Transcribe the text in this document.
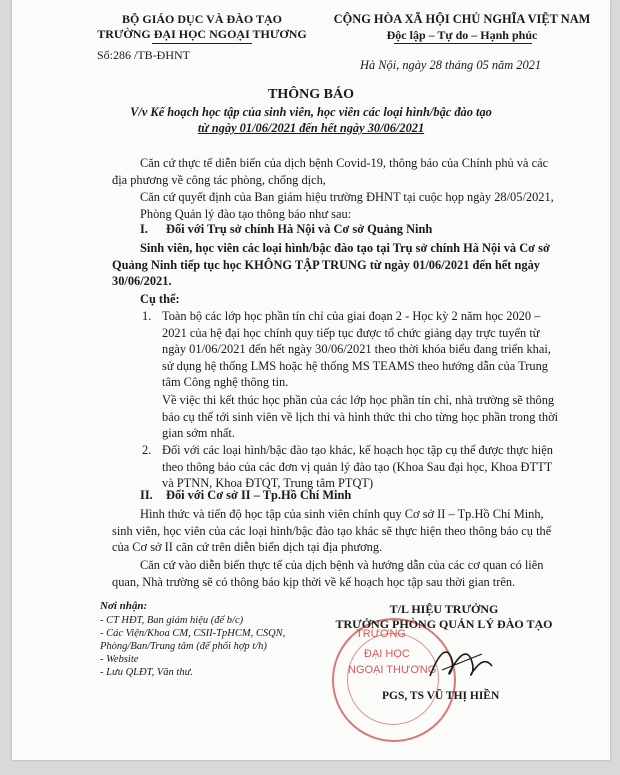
BỘ GIÁO DỤC VÀ ĐÀO TẠO
TRƯỜNG ĐẠI HỌC NGOẠI THƯƠNG
Số:286 /TB-ĐHNT
CỘNG HÒA XÃ HỘI CHỦ NGHĨA VIỆT NAM
Độc lập – Tự do – Hạnh phúc
Hà Nội, ngày 28 tháng 05 năm 2021
THÔNG BÁO
V/v Kế hoạch học tập của sinh viên, học viên các loại hình/bậc đào tạo
từ ngày 01/06/2021 đến hết ngày 30/06/2021
Căn cứ thực tế diễn biến của dịch bệnh Covid-19, thông báo của Chính phủ và các địa phương về công tác phòng, chống dịch,
Căn cứ quyết định của Ban giám hiệu trường ĐHNT tại cuộc họp ngày 28/05/2021,
Phòng Quản lý đào tạo thông báo như sau:
I. Đối với Trụ sở chính Hà Nội và Cơ sở Quảng Ninh
Sinh viên, học viên các loại hình/bậc đào tạo tại Trụ sở chính Hà Nội và Cơ sở Quảng Ninh tiếp tục học KHÔNG TẬP TRUNG từ ngày 01/06/2021 đến hết ngày 30/06/2021.
Cụ thể:
1. Toàn bộ các lớp học phần tín chỉ của giai đoạn 2 - Học kỳ 2 năm học 2020 – 2021 của hệ đại học chính quy tiếp tục được tổ chức giảng dạy trực tuyến từ ngày 01/06/2021 đến hết ngày 30/06/2021 theo thời khóa biểu đang triển khai, sử dụng hệ thống LMS hoặc hệ thống MS TEAMS theo hướng dẫn của Trung tâm Công nghệ thông tin.
Về việc thi kết thúc học phần của các lớp học phần tín chỉ, nhà trường sẽ thông báo cụ thể tới sinh viên về lịch thi và hình thức thi cho từng học phần trong thời gian sớm nhất.
2. Đối với các loại hình/bậc đào tạo khác, kế hoạch học tập cụ thể được thực hiện theo thông báo của các đơn vị quản lý đào tạo (Khoa Sau đại học, Khoa ĐTTT và PTNN, Khoa ĐTQT, Trung tâm PTQT)
II. Đối với Cơ sở II – Tp.Hồ Chí Minh
Hình thức và tiến độ học tập của sinh viên chính quy Cơ sở II – Tp.Hồ Chí Minh, sinh viên, học viên của các loại hình/bậc đào tạo khác sẽ thực hiện theo thông báo cụ thể của Cơ sở II căn cứ trên diễn biến dịch tại địa phương.
Căn cứ vào diễn biến thực tế của dịch bệnh và hướng dẫn của các cơ quan có liên quan, Nhà trường sẽ có thông báo kịp thời về kế hoạch học tập sau thời gian trên.
Nơi nhận:
- CT HĐT, Ban giám hiệu (để b/c)
- Các Viện/Khoa CM, CSII-TpHCM, CSQN,
Phòng/Ban/Trung tâm (để phối hợp t/h)
- Website
- Lưu QLĐT, Văn thư.
TRƯỜNG
ĐẠI HỌC
NGOẠI THƯƠNG
T/L HIỆU TRƯỞNG
TRƯỞNG PHÒNG QUẢN LÝ ĐÀO TẠO
PGS, TS VŨ THỊ HIỀN
